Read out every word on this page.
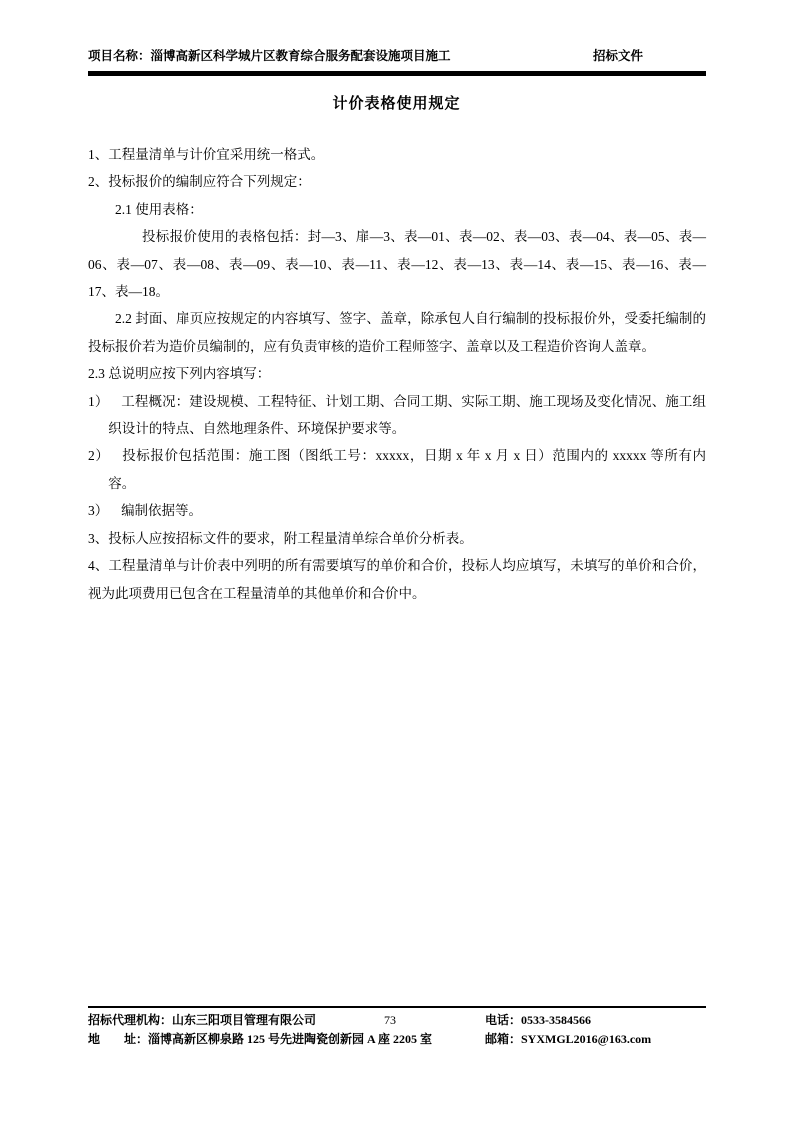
项目名称：淄博高新区科学城片区教育综合服务配套设施项目施工	招标文件
计价表格使用规定

1、工程量清单与计价宜采用统一格式。

2、投标报价的编制应符合下列规定：

2.1 使用表格：

投标报价使用的表格包括：封—3、扉—3、表—01、表—02、表—03、表—04、表—05、表—06、表—07、表—08、表—09、表—10、表—11、表—12、表—13、表—14、表—15、表—16、表—17、表—18。

2.2 封面、扉页应按规定的内容填写、签字、盖章，除承包人自行编制的投标报价外，受委托编制的投标报价若为造价员编制的，应有负责审核的造价工程师签字、盖章以及工程造价咨询人盖章。

2.3 总说明应按下列内容填写：

1） 工程概况：建设规模、工程特征、计划工期、合同工期、实际工期、施工现场及变化情况、施工组织设计的特点、自然地理条件、环境保护要求等。

2） 投标报价包括范围：施工图（图纸工号：xxxxx，日期 x 年 x 月 x 日）范围内的 xxxxx 等所有内容。

3） 编制依据等。

3、投标人应按招标文件的要求，附工程量清单综合单价分析表。

4、工程量清单与计价表中列明的所有需要填写的单价和合价，投标人均应填写，未填写的单价和合价，视为此项费用已包含在工程量清单的其他单价和合价中。

招标代理机构：山东三阳项目管理有限公司	73	电话：0533-3584566
地　　址：淄博高新区柳泉路 125 号先进陶瓷创新园 A 座 2205 室	邮箱：SYXMGL2016@163.com
